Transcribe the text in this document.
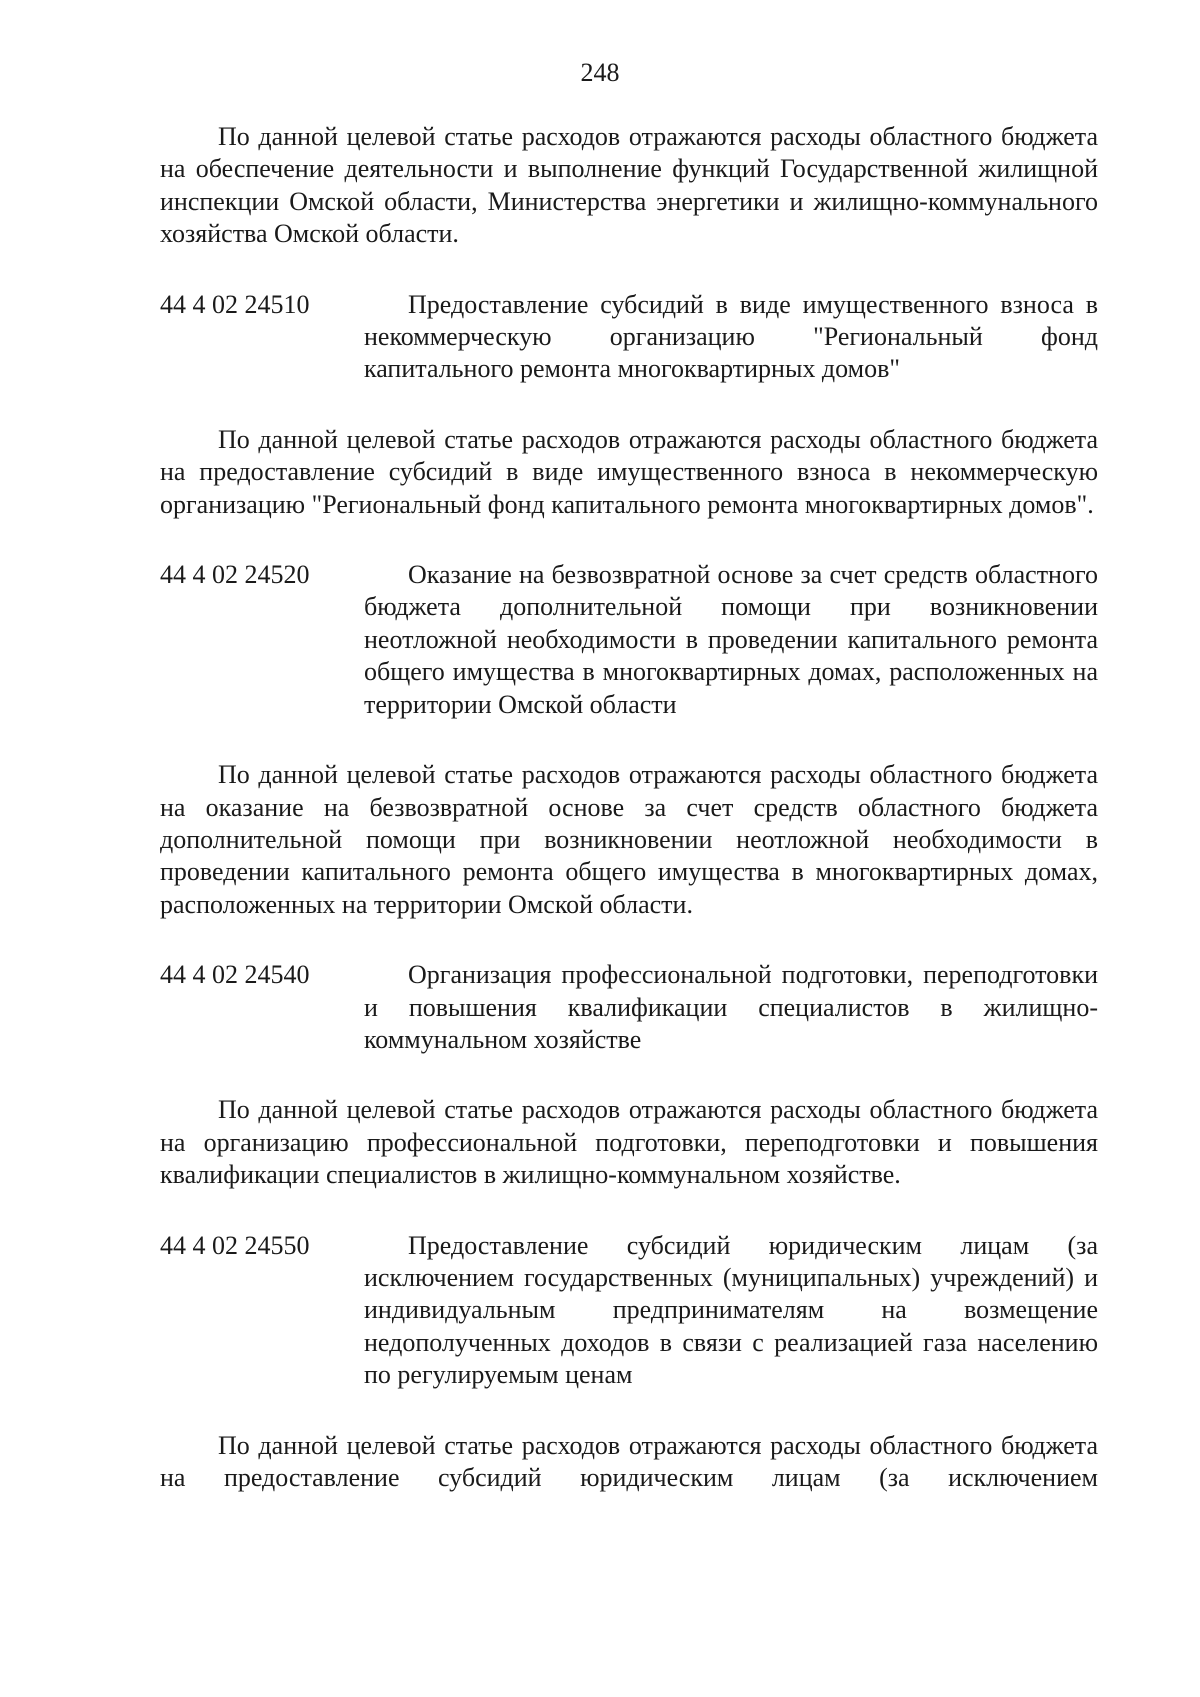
248

По данной целевой статье расходов отражаются расходы областного бюджета на обеспечение деятельности и выполнение функций Государственной жилищной инспекции Омской области, Министерства энергетики и жилищно-коммунального хозяйства Омской области.

44 4 02 24510	Предоставление субсидий в виде имущественного взноса в некоммерческую организацию "Региональный фонд капитального ремонта многоквартирных домов"

По данной целевой статье расходов отражаются расходы областного бюджета на предоставление субсидий в виде имущественного взноса в некоммерческую организацию "Региональный фонд капитального ремонта многоквартирных домов".

44 4 02 24520	Оказание на безвозвратной основе за счет средств областного бюджета дополнительной помощи при возникновении неотложной необходимости в проведении капитального ремонта общего имущества в многоквартирных домах, расположенных на территории Омской области

По данной целевой статье расходов отражаются расходы областного бюджета на оказание на безвозвратной основе за счет средств областного бюджета дополнительной помощи при возникновении неотложной необходимости в проведении капитального ремонта общего имущества в многоквартирных домах, расположенных на территории Омской области.

44 4 02 24540	Организация профессиональной подготовки, переподготовки и повышения квалификации специалистов в жилищно-коммунальном хозяйстве

По данной целевой статье расходов отражаются расходы областного бюджета на организацию профессиональной подготовки, переподготовки и повышения квалификации специалистов в жилищно-коммунальном хозяйстве.

44 4 02 24550	Предоставление субсидий юридическим лицам (за исключением государственных (муниципальных) учреждений) и индивидуальным предпринимателям на возмещение недополученных доходов в связи с реализацией газа населению по регулируемым ценам

По данной целевой статье расходов отражаются расходы областного бюджета на предоставление субсидий юридическим лицам (за исключением
